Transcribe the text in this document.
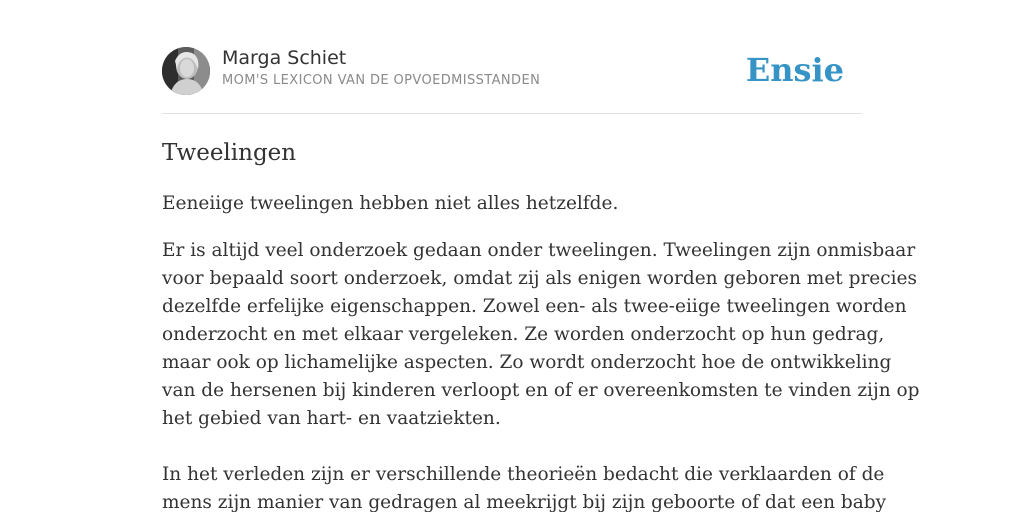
Marga Schiet
MOM'S LEXICON VAN DE OPVOEDMISSTANDEN	Ensie
Tweelingen

Eeneiige tweelingen hebben niet alles hetzelfde.

Er is altijd veel onderzoek gedaan onder tweelingen. Tweelingen zijn onmisbaar
voor bepaald soort onderzoek, omdat zij als enigen worden geboren met precies
dezelfde erfelijke eigenschappen. Zowel een- als twee-eiige tweelingen worden
onderzocht en met elkaar vergeleken. Ze worden onderzocht op hun gedrag,
maar ook op lichamelijke aspecten. Zo wordt onderzocht hoe de ontwikkeling
van de hersenen bij kinderen verloopt en of er overeenkomsten te vinden zijn op
het gebied van hart- en vaatziekten.
In het verleden zijn er verschillende theorieën bedacht die verklaarden of de
mens zijn manier van gedragen al meekrijgt bij zijn geboorte of dat een baby
